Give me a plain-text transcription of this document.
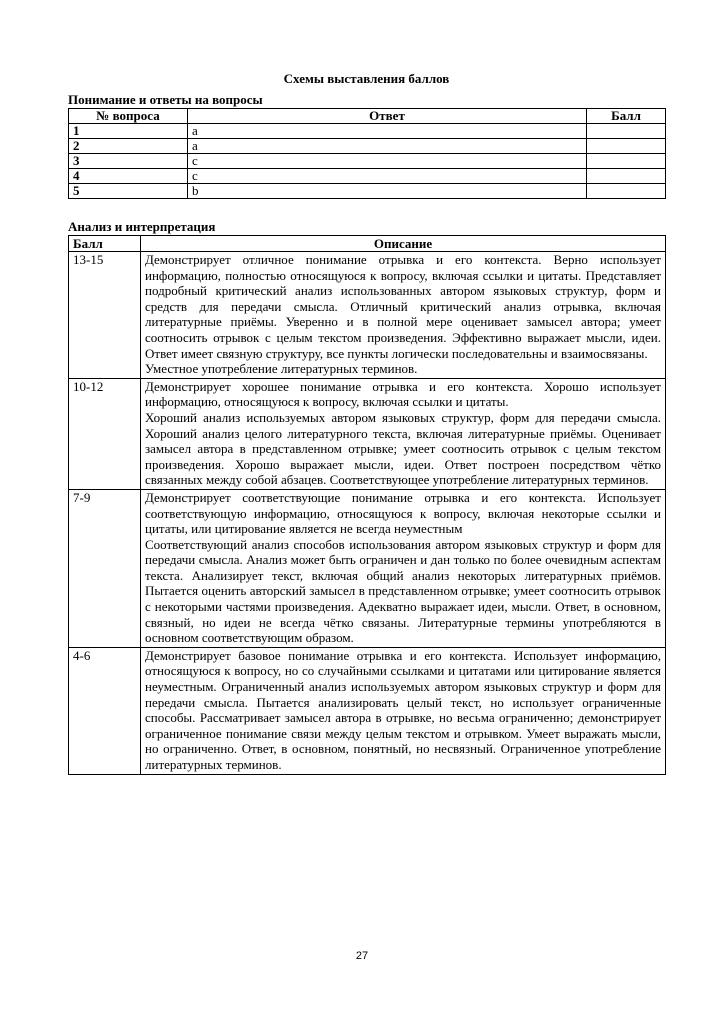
Схемы выставления баллов
Понимание и ответы на вопросы
№ вопроса	Ответ	Балл
1	a	
2	a	
3	c	
4	c	
5	b	
Анализ и интерпретация
Балл	Описание
13-15	Демонстрирует отличное понимание отрывка и его контекста. Верно использует информацию, полностью относящуюся к вопросу, включая ссылки и цитаты. Представляет подробный критический анализ использованных автором языковых структур, форм и средств для передачи смысла. Отличный критический анализ отрывка, включая литературные приёмы. Уверенно и в полной мере оценивает замысел автора; умеет соотносить отрывок с целым текстом произведения. Эффективно выражает мысли, идеи. Ответ имеет связную структуру, все пункты логически последовательны и взаимосвязаны.

Уместное употребление литературных терминов.

10-12	Демонстрирует хорошее понимание отрывка и его контекста. Хорошо использует информацию, относящуюся к вопросу, включая ссылки и цитаты.

Хороший анализ используемых автором языковых структур, форм для передачи смысла. Хороший анализ целого литературного текста, включая литературные приёмы. Оценивает замысел автора в представленном отрывке; умеет соотносить отрывок с целым текстом произведения. Хорошо выражает мысли, идеи. Ответ построен посредством чётко связанных между собой абзацев. Соответствующее употребление литературных терминов.

7-9	Демонстрирует соответствующие понимание отрывка и его контекста. Использует соответствующую информацию, относящуюся к вопросу, включая некоторые ссылки и цитаты, или цитирование является не всегда неуместным

Соответствующий анализ способов использования автором языковых структур и форм для передачи смысла. Анализ может быть ограничен и дан только по более очевидным аспектам текста. Анализирует текст, включая общий анализ некоторых литературных приёмов. Пытается оценить авторский замысел в представленном отрывке; умеет соотносить отрывок с некоторыми частями произведения. Адекватно выражает идеи, мысли. Ответ, в основном, связный, но идеи не всегда чётко связаны. Литературные термины употребляются в основном соответствующим образом.

4-6	Демонстрирует базовое понимание отрывка и его контекста. Использует информацию, относящуюся к вопросу, но со случайными ссылками и цитатами или цитирование является неуместным. Ограниченный анализ используемых автором языковых структур и форм для передачи смысла. Пытается анализировать целый текст, но использует ограниченные способы. Рассматривает замысел автора в отрывке, но весьма ограниченно; демонстрирует ограниченное понимание связи между целым текстом и отрывком. Умеет выражать мысли, но ограниченно. Ответ, в основном, понятный, но несвязный. Ограниченное употребление литературных терминов.

27
